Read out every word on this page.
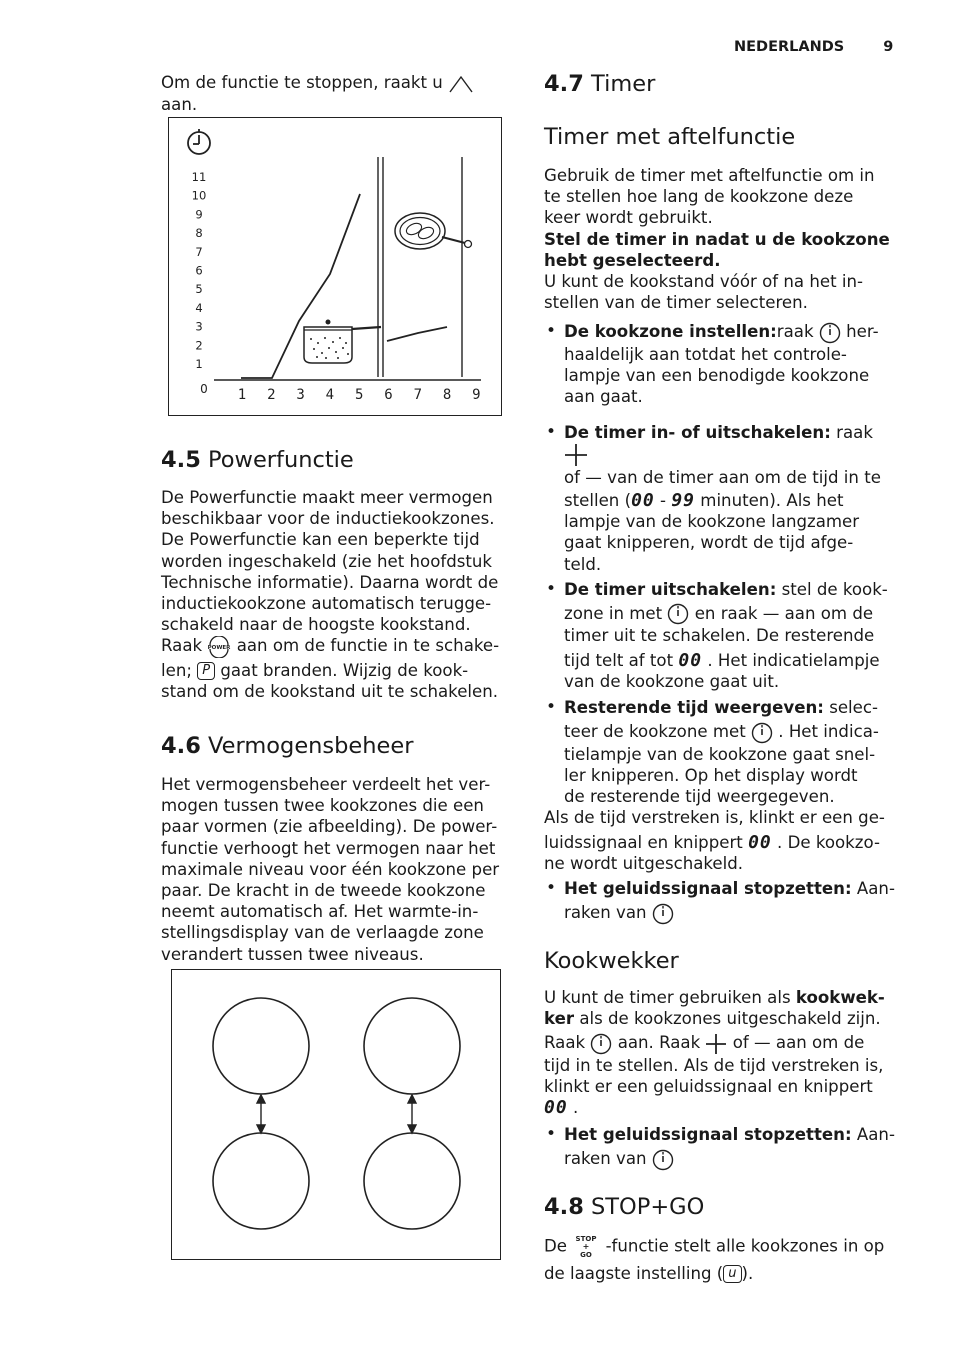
NEDERLANDS	9
Om de functie te stoppen, raakt u
aan.
11
10
9
8
7
6
5
4
3
2
1
0 1 2 3 4 5 6 7 8 9
4.5 Powerfunctie
De Powerfunctie maakt meer vermogen
beschikbaar voor de inductiekookzones.
De Powerfunctie kan een beperkte tijd
worden ingeschakeld (zie het hoofdstuk
Technische informatie). Daarna wordt de
inductiekookzone automatisch terugge-
schakeld naar de hoogste kookstand.
Raak POWER aan om de functie in te schake-
len; P gaat branden. Wijzig de kook-
stand om de kookstand uit te schakelen.
4.6 Vermogensbeheer
Het vermogensbeheer verdeelt het ver-
mogen tussen twee kookzones die een
paar vormen (zie afbeelding). De power-
functie verhoogt het vermogen naar het
maximale niveau voor één kookzone per
paar. De kracht in de tweede kookzone
neemt automatisch af. Het warmte-in-
stellingsdisplay van de verlaagde zone
verandert tussen twee niveaus.
4.7 Timer
Timer met aftelfunctie
Gebruik de timer met aftelfunctie om in
te stellen hoe lang de kookzone deze
keer wordt gebruikt.
Stel de timer in nadat u de kookzone
hebt geselecteerd.
U kunt de kookstand vóór of na het in-
stellen van de timer selecteren.
• De kookzone instellen:raak her-
haaldelijk aan totdat het controle-
lampje van een benodigde kookzone
aan gaat.
• De timer in- of uitschakelen: raak
of — van de timer aan om de tijd in te
stellen (00 - 99 minuten). Als het
lampje van de kookzone langzamer
gaat knipperen, wordt de tijd afge-
teld.
• De timer uitschakelen: stel de kook-
zone in met en raak — aan om de
timer uit te schakelen. De resterende
tijd telt af tot 00 . Het indicatielampje
van de kookzone gaat uit.
• Resterende tijd weergeven: selec-
teer de kookzone met . Het indica-
tielampje van de kookzone gaat snel-
ler knipperen. Op het display wordt
de resterende tijd weergegeven.
Als de tijd verstreken is, klinkt er een ge-
luidssignaal en knippert 00 . De kookzo-
ne wordt uitgeschakeld.
• Het geluidssignaal stopzetten: Aan-
raken van
Kookwekker
U kunt de timer gebruiken als kookwek-
ker als de kookzones uitgeschakeld zijn.
Raak aan. Raak of — aan om de
tijd in te stellen. Als de tijd verstreken is,
klinkt er een geluidssignaal en knippert
00 .
• Het geluidssignaal stopzetten: Aan-
raken van
4.8 STOP+GO
De STOP
+
GO -functie stelt alle kookzones in op
de laagste instelling ( u ).
